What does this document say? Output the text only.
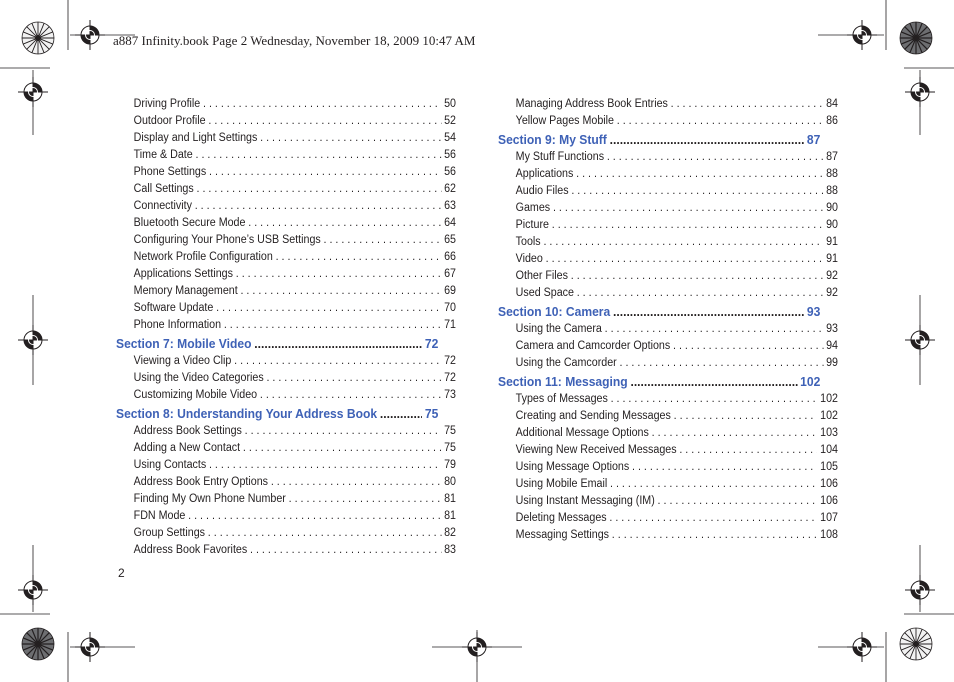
a887 Infinity.book Page 2 Wednesday, November 18, 2009 10:47 AM
Driving Profile . . .	50
Outdoor Profile . . .	52
Display and Light Settings . . .	54
Time & Date . . .	56
Phone Settings . . .	56
Call Settings . . .	62
Connectivity . . .	63
Bluetooth Secure Mode . . .	64
Configuring Your Phone’s USB Settings . . .	65
Network Profile Configuration . . .	66
Applications Settings . . .	67
Memory Management . . .	69
Software Update . . .	70
Phone Information . . .	71
Section 7: Mobile Video .....	72
Viewing a Video Clip . . .	72
Using the Video Categories . . .	72
Customizing Mobile Video . . .	73
Section 8: Understanding Your Address Book .....	75
Address Book Settings . . .	75
Adding a New Contact . . .	75
Using Contacts . . .	79
Address Book Entry Options . . .	80
Finding My Own Phone Number . . .	81
FDN Mode . . .	81
Group Settings . . .	82
Address Book Favorites . . .	83
Managing Address Book Entries . . .	84
Yellow Pages Mobile . . .	86
Section 9: My Stuff .....	87
My Stuff Functions . . .	87
Applications . . .	88
Audio Files . . .	88
Games . . .	90
Picture . . .	90
Tools . . .	91
Video . . .	91
Other Files . . .	92
Used Space . . .	92
Section 10: Camera .....	93
Using the Camera . . .	93
Camera and Camcorder Options . . .	94
Using the Camcorder . . .	99
Section 11: Messaging .....	102
Types of Messages . . .	102
Creating and Sending Messages . . .	102
Additional Message Options . . .	103
Viewing New Received Messages . . .	104
Using Message Options . . .	105
Using Mobile Email . . .	106
Using Instant Messaging (IM) . . .	106
Deleting Messages . . .	107
Messaging Settings . . .	108
2
